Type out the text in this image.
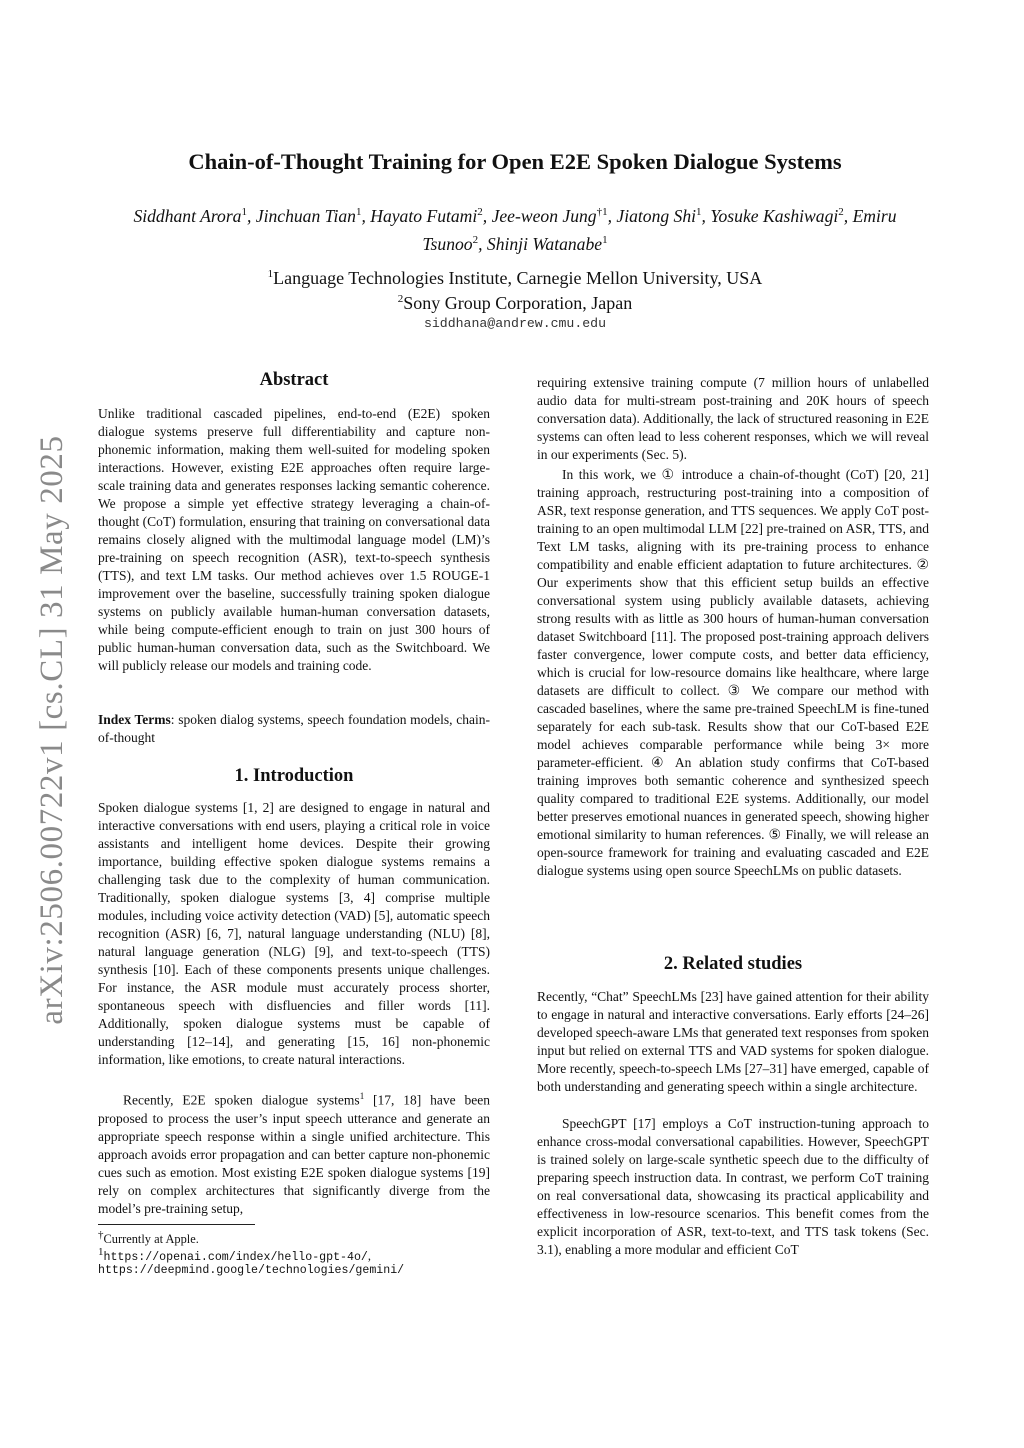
arXiv:2506.00722v1 [cs.CL] 31 May 2025
Chain-of-Thought Training for Open E2E Spoken Dialogue Systems
Siddhant Arora$^1$, Jinchuan Tian$^1$, Hayato Futami$^2$, Jee-weon Jung$^{\dagger 1}$, Jiatong Shi$^1$, Yosuke Kashiwagi$^2$, Emiru Tsunoo$^2$, Shinji Watanabe$^1$
$^1$Language Technologies Institute, Carnegie Mellon University, USA
$^2$Sony Group Corporation, Japan
siddhana@andrew.cmu.edu
Abstract

Unlike traditional cascaded pipelines, end-to-end (E2E) spoken dialogue systems preserve full differentiability and capture non-phonemic information, making them well-suited for modeling spoken interactions. However, existing E2E approaches often require large-scale training data and generates responses lacking semantic coherence. We propose a simple yet effective strategy leveraging a chain-of-thought (CoT) formulation, ensuring that training on conversational data remains closely aligned with the multimodal language model (LM)’s pre-training on speech recognition (ASR), text-to-speech synthesis (TTS), and text LM tasks. Our method achieves over 1.5 ROUGE-1 improvement over the baseline, successfully training spoken dialogue systems on publicly available human-human conversation datasets, while being compute-efficient enough to train on just 300 hours of public human-human conversation data, such as the Switchboard. We will publicly release our models and training code.

Index Terms: spoken dialog systems, speech foundation models, chain-of-thought

1. Introduction

Spoken dialogue systems [1, 2] are designed to engage in natural and interactive conversations with end users, playing a critical role in voice assistants and intelligent home devices. Despite their growing importance, building effective spoken dialogue systems remains a challenging task due to the complexity of human communication. Traditionally, spoken dialogue systems [3, 4] comprise multiple modules, including voice activity detection (VAD) [5], automatic speech recognition (ASR) [6, 7], natural language understanding (NLU) [8], natural language generation (NLG) [9], and text-to-speech (TTS) synthesis [10]. Each of these components presents unique challenges. For instance, the ASR module must accurately process shorter, spontaneous speech with disfluencies and filler words [11]. Additionally, spoken dialogue systems must be capable of understanding [12–14], and generating [15, 16] non-phonemic information, like emotions, to create natural interactions.

Recently, E2E spoken dialogue systems$^1$ [17, 18] have been proposed to process the user’s input speech utterance and generate an appropriate speech response within a single unified architecture. This approach avoids error propagation and can better capture non-phonemic cues such as emotion. Most existing E2E spoken dialogue systems [19] rely on complex architectures that significantly diverge from the model’s pre-training setup,

†Currently at Apple.
$^1$https://openai.com/index/hello-gpt-4o/,
https://deepmind.google/technologies/gemini/

requiring extensive training compute (7 million hours of unlabelled audio data for multi-stream post-training and 20K hours of speech conversation data). Additionally, the lack of structured reasoning in E2E systems can often lead to less coherent responses, which we will reveal in our experiments (Sec. 5).

In this work, we ① introduce a chain-of-thought (CoT) [20, 21] training approach, restructuring post-training into a composition of ASR, text response generation, and TTS sequences. We apply CoT post-training to an open multimodal LLM [22] pre-trained on ASR, TTS, and Text LM tasks, aligning with its pre-training process to enhance compatibility and enable efficient adaptation to future architectures. ② Our experiments show that this efficient setup builds an effective conversational system using publicly available datasets, achieving strong results with as little as 300 hours of human-human conversation dataset Switchboard [11]. The proposed post-training approach delivers faster convergence, lower compute costs, and better data efficiency, which is crucial for low-resource domains like healthcare, where large datasets are difficult to collect. ③ We compare our method with cascaded baselines, where the same pre-trained SpeechLM is fine-tuned separately for each sub-task. Results show that our CoT-based E2E model achieves comparable performance while being 3× more parameter-efficient. ④ An ablation study confirms that CoT-based training improves both semantic coherence and synthesized speech quality compared to traditional E2E systems. Additionally, our model better preserves emotional nuances in generated speech, showing higher emotional similarity to human references. ⑤ Finally, we will release an open-source framework for training and evaluating cascaded and E2E dialogue systems using open source SpeechLMs on public datasets.

2. Related studies

Recently, “Chat” SpeechLMs [23] have gained attention for their ability to engage in natural and interactive conversations. Early efforts [24–26] developed speech-aware LMs that generated text responses from spoken input but relied on external TTS and VAD systems for spoken dialogue. More recently, speech-to-speech LMs [27–31] have emerged, capable of both understanding and generating speech within a single architecture.

SpeechGPT [17] employs a CoT instruction-tuning approach to enhance cross-modal conversational capabilities. However, SpeechGPT is trained solely on large-scale synthetic speech due to the difficulty of preparing speech instruction data. In contrast, we perform CoT training on real conversational data, showcasing its practical applicability and effectiveness in low-resource scenarios. This benefit comes from the explicit incorporation of ASR, text-to-text, and TTS task tokens (Sec. 3.1), enabling a more modular and efficient CoT
